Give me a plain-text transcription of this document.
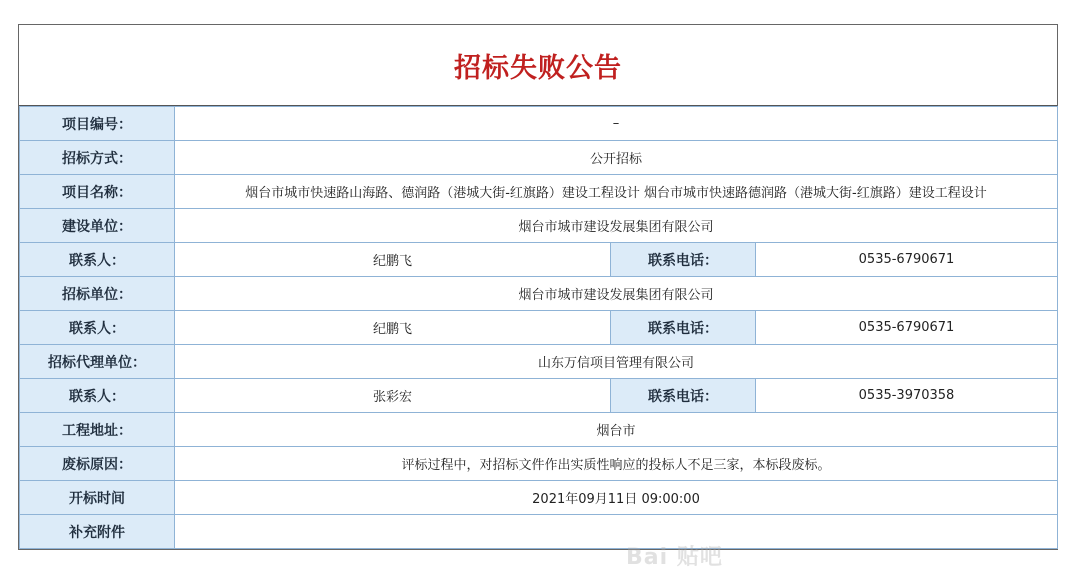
招标失败公告
项目编号：	–		
招标方式：	公开招标		
项目名称：	烟台市城市快速路山海路、德润路（港城大街-红旗路）建设工程设计 烟台市城市快速路德润路（港城大街-红旗路）建设工程设计		
建设单位：	烟台市城市建设发展集团有限公司		
联系人：	纪鹏飞	联系电话：	0535-6790671
招标单位：	烟台市城市建设发展集团有限公司		
联系人：	纪鹏飞	联系电话：	0535-6790671
招标代理单位：	山东万信项目管理有限公司		
联系人：	张彩宏	联系电话：	0535-3970358
工程地址：	烟台市		
废标原因：	评标过程中，对招标文件作出实质性响应的投标人不足三家，本标段废标。		
开标时间	2021年09月11日 09:00:00		
补充附件			
Bai 贴吧
